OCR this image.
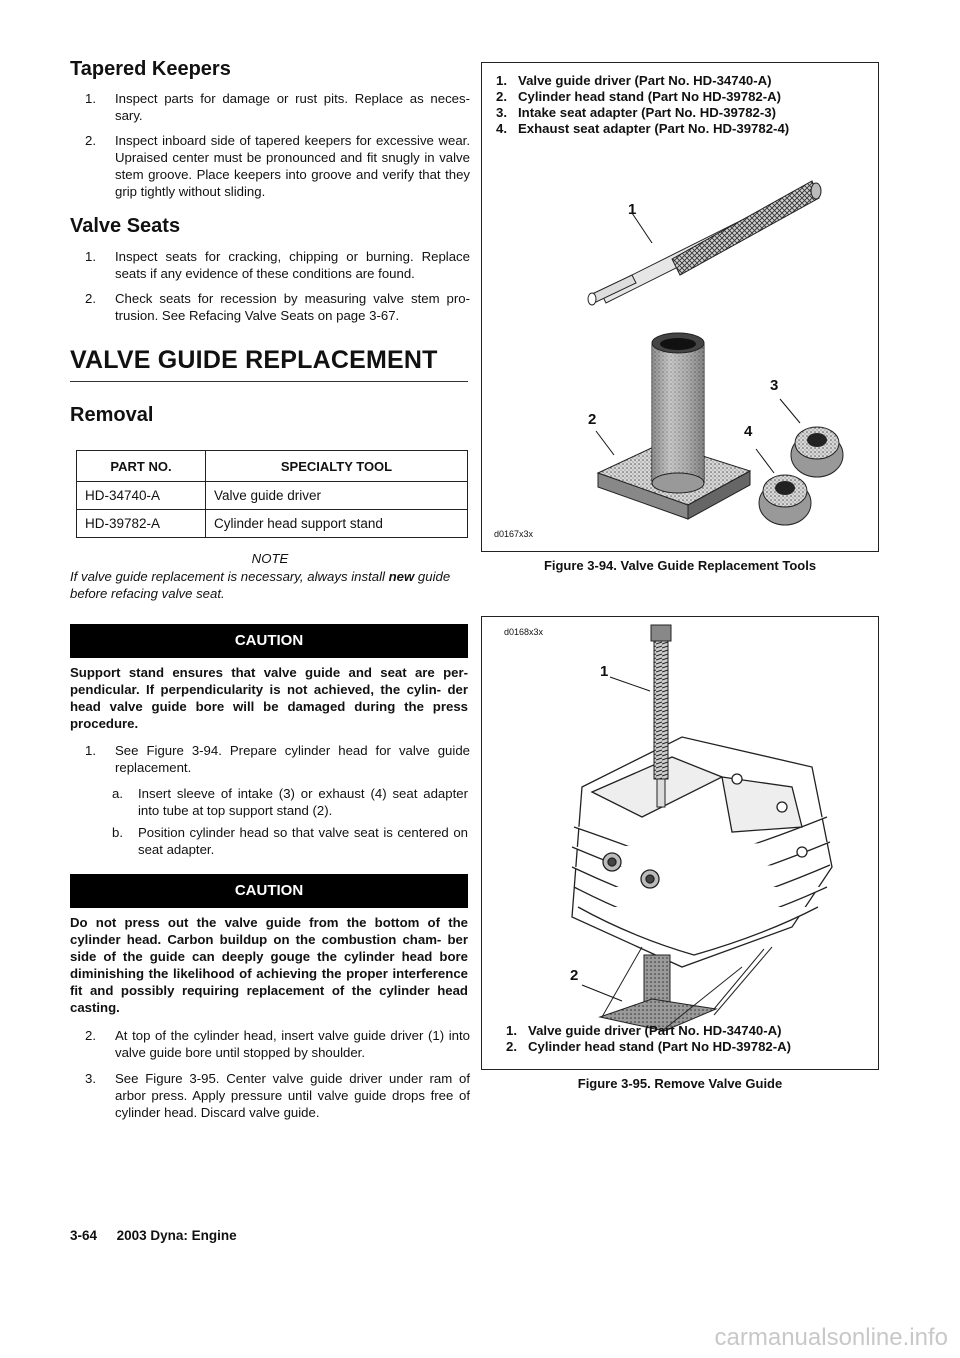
Tapered Keepers
1. Inspect parts for damage or rust pits. Replace as neces- sary.
2. Inspect inboard side of tapered keepers for excessive wear. Upraised center must be pronounced and fit snugly in valve stem groove. Place keepers into groove and verify that they grip tightly without sliding.
Valve Seats
1. Inspect seats for cracking, chipping or burning. Replace seats if any evidence of these conditions are found.
2. Check seats for recession by measuring valve stem pro- trusion. See Refacing Valve Seats on page 3-67.
VALVE GUIDE REPLACEMENT
Removal
PART NO.	SPECIALTY TOOL
HD-34740-A	Valve guide driver
HD-39782-A	Cylinder head support stand
NOTE
If valve guide replacement is necessary, always install new guide before refacing valve seat.
CAUTION
Support stand ensures that valve guide and seat are per- pendicular. If perpendicularity is not achieved, the cylin- der head valve guide bore will be damaged during the press procedure.
1. See Figure 3-94. Prepare cylinder head for valve guide replacement.
a. Insert sleeve of intake (3) or exhaust (4) seat adapter into tube at top support stand (2).
b. Position cylinder head so that valve seat is centered on seat adapter.
CAUTION
Do not press out the valve guide from the bottom of the cylinder head. Carbon buildup on the combustion cham- ber side of the guide can deeply gouge the cylinder head bore diminishing the likelihood of achieving the proper interference fit and possibly requiring replacement of the cylinder head casting.
2. At top of the cylinder head, insert valve guide driver (1) into valve guide bore until stopped by shoulder.
3. See Figure 3-95. Center valve guide driver under ram of arbor press. Apply pressure until valve guide drops free of cylinder head. Discard valve guide.
1. Valve guide driver (Part No. HD-34740-A)
2. Cylinder head stand (Part No HD-39782-A)
3. Intake seat adapter (Part No. HD-39782-3)
4. Exhaust seat adapter (Part No. HD-39782-4)
1
2
3
4
d0167x3x
Figure 3-94. Valve Guide Replacement Tools
d0168x3x
1
2
1. Valve guide driver (Part No. HD-34740-A)
2. Cylinder head stand (Part No HD-39782-A)
Figure 3-95. Remove Valve Guide
3-64 2003 Dyna: Engine
carmanualsonline.info
